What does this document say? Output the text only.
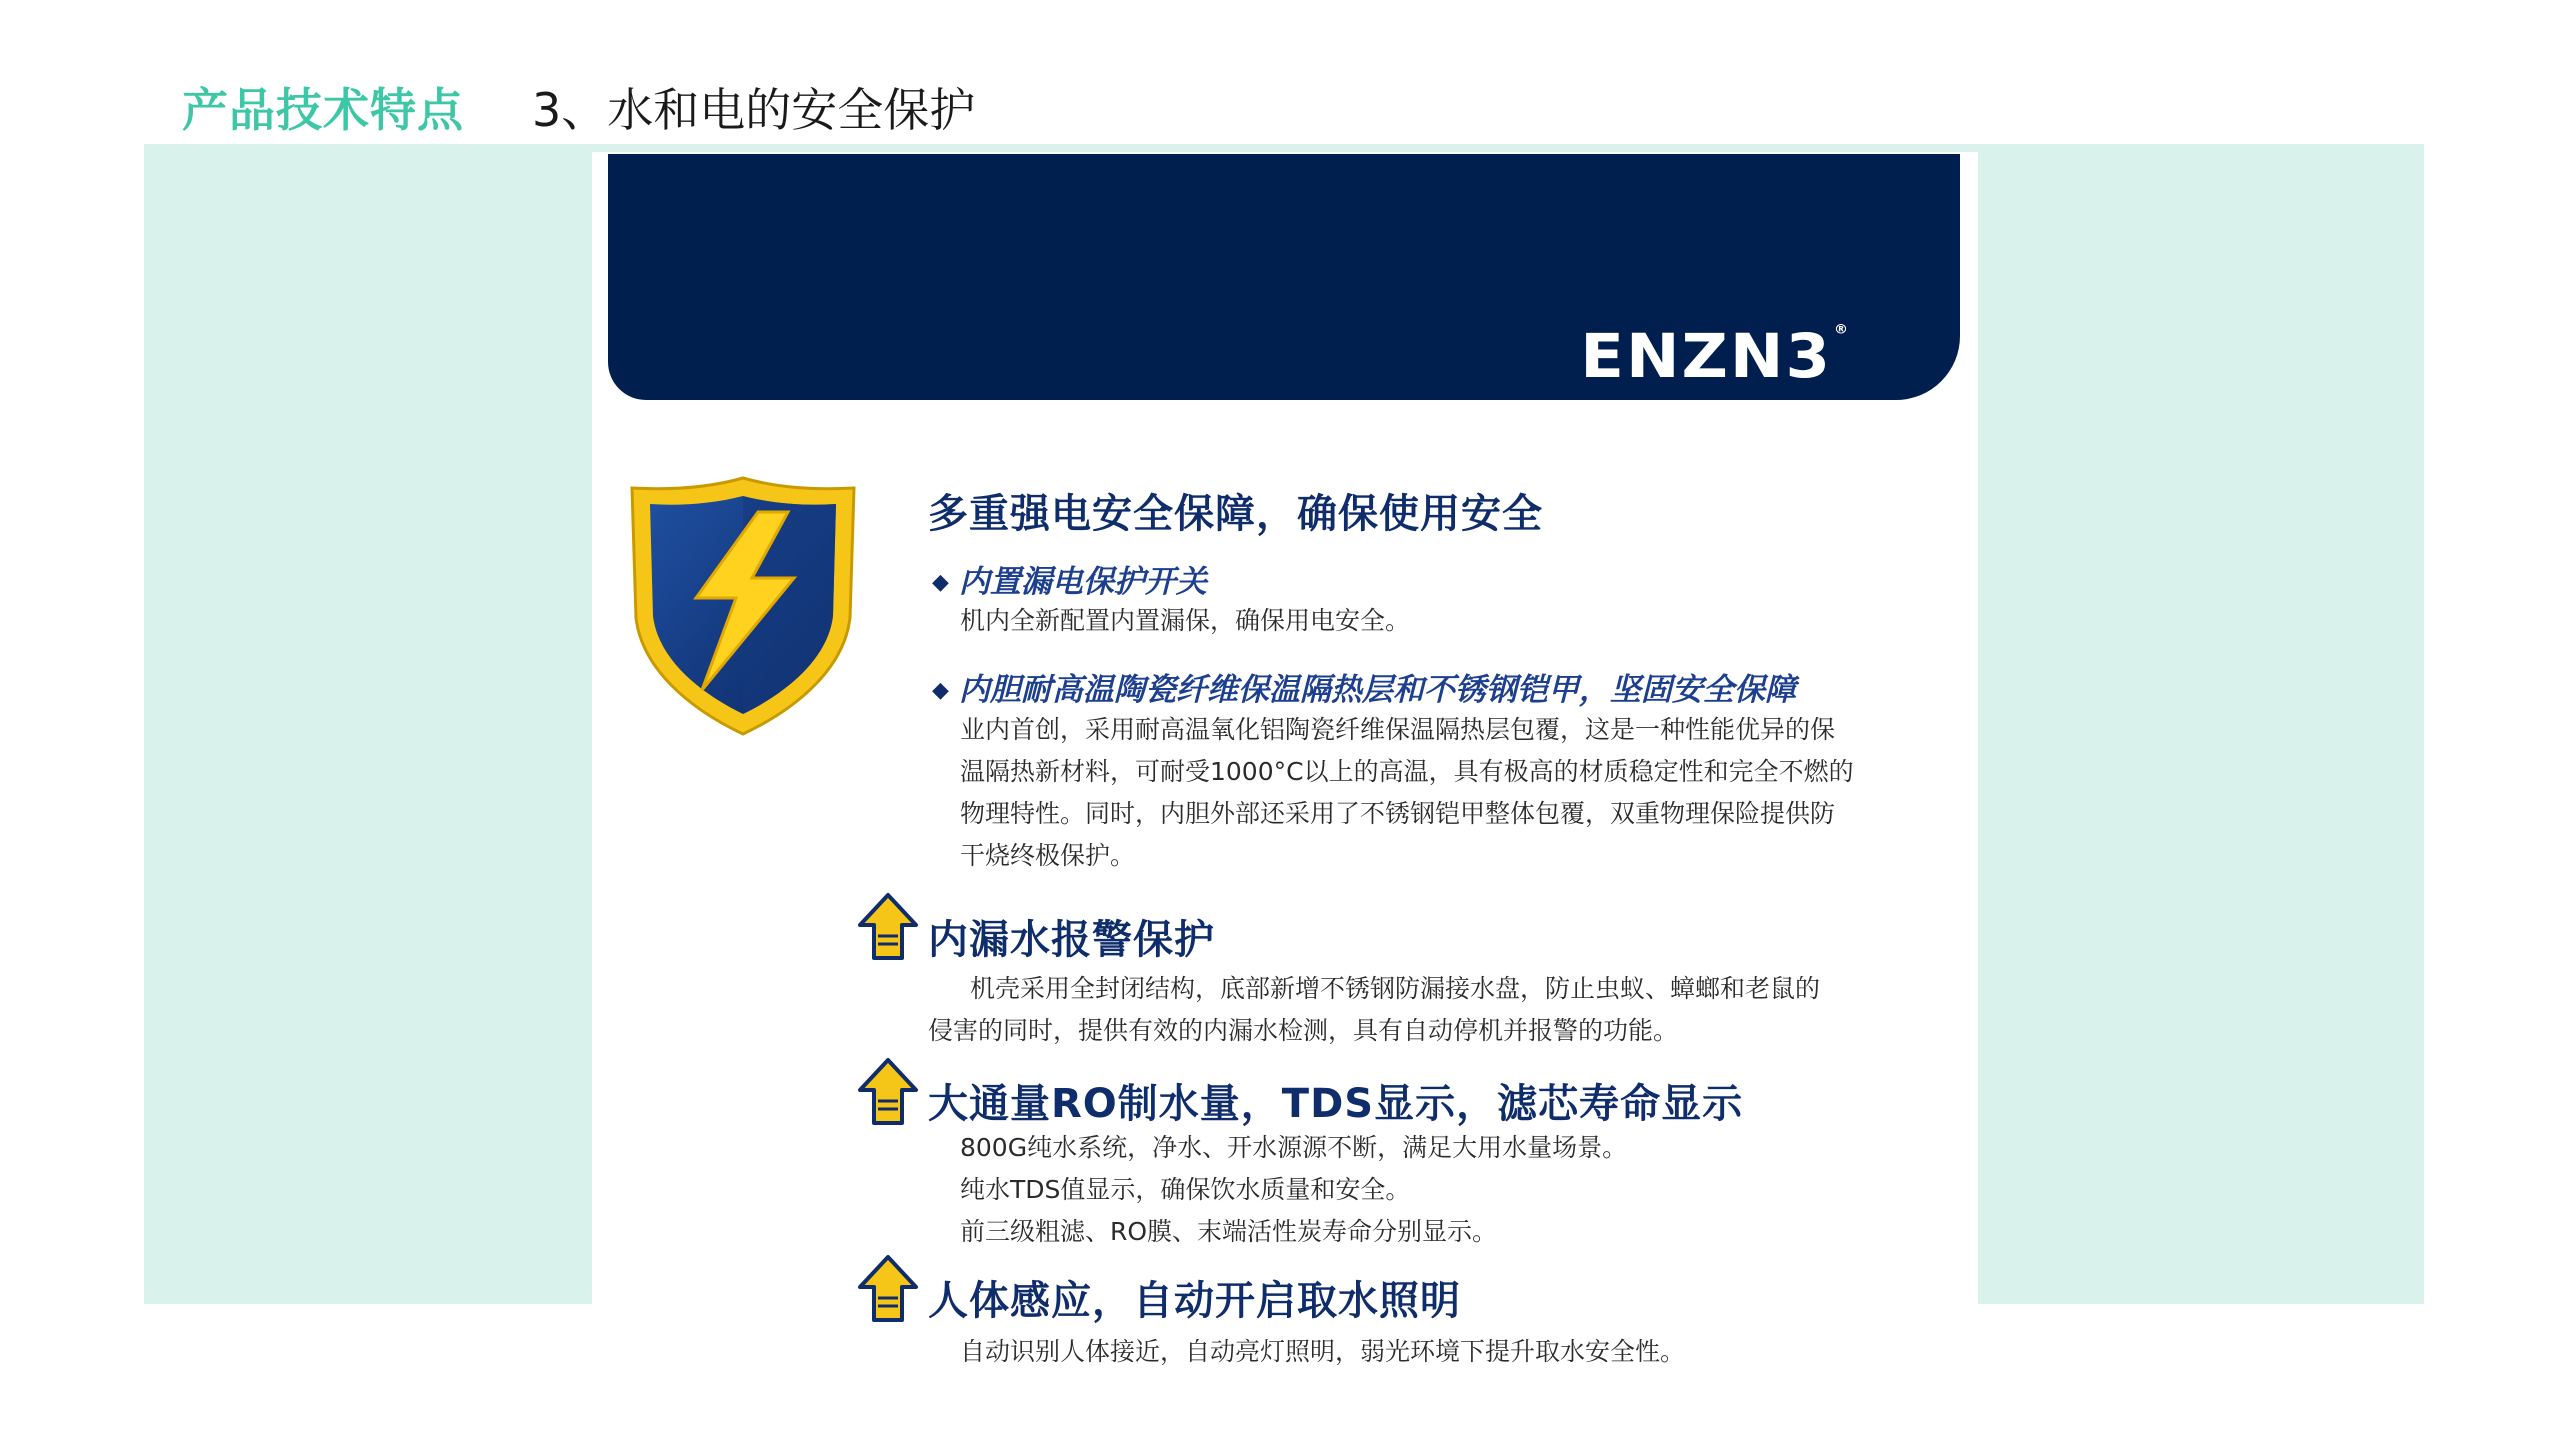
产品技术特点 3、水和电的安全保护
ENZN3 ®
多重强电安全保障，确保使用安全
◆ 内置漏电保护开关
机内全新配置内置漏保，确保用电安全。
◆ 内胆耐高温陶瓷纤维保温隔热层和不锈钢铠甲，坚固安全保障
业内首创，采用耐高温氧化铝陶瓷纤维保温隔热层包覆，这是一种性能优异的保
温隔热新材料，可耐受1000°C以上的高温，具有极高的材质稳定性和完全不燃的
物理特性。同时，内胆外部还采用了不锈钢铠甲整体包覆，双重物理保险提供防
干烧终极保护。
内漏水报警保护
机壳采用全封闭结构，底部新增不锈钢防漏接水盘，防止虫蚁、蟑螂和老鼠的
侵害的同时，提供有效的内漏水检测，具有自动停机并报警的功能。
大通量RO制水量，TDS显示，滤芯寿命显示
800G纯水系统，净水、开水源源不断，满足大用水量场景。
纯水TDS值显示，确保饮水质量和安全。
前三级粗滤、RO膜、末端活性炭寿命分别显示。
人体感应，自动开启取水照明
自动识别人体接近，自动亮灯照明，弱光环境下提升取水安全性。
